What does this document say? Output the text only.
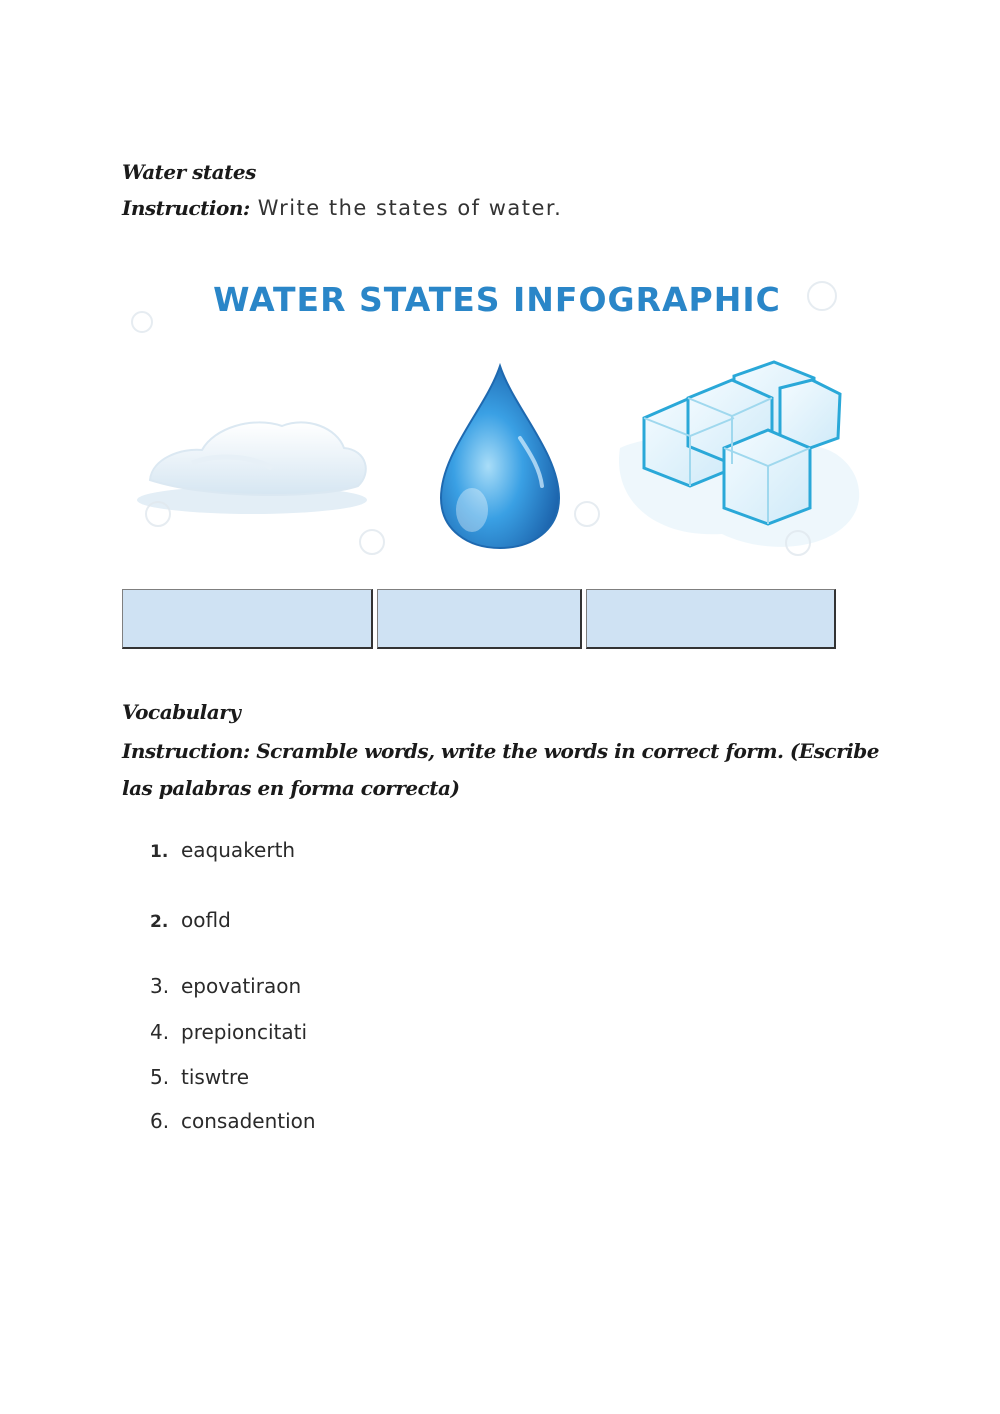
Water states
Instruction: Write the states of water.
WATER STATES INFOGRAPHIC
Vocabulary
Instruction: Scramble words, write the words in correct form. (Escribe las palabras en forma correcta)
1. eaquakerth
2. oofld
3. epovatiraon
4. prepioncitati
5. tiswtre
6. consadention
